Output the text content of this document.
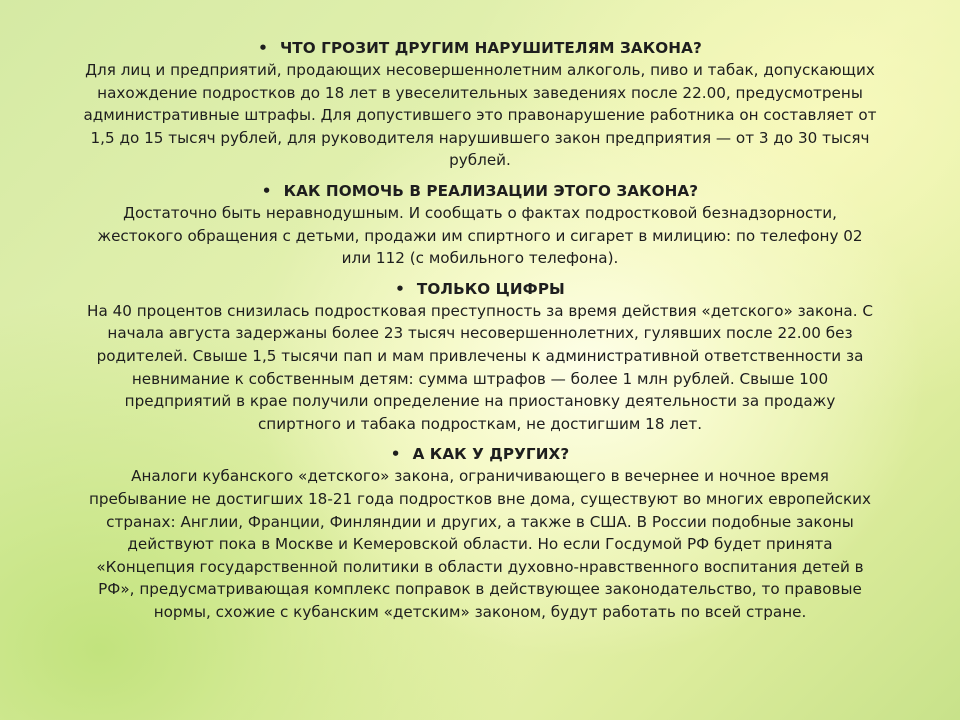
• ЧТО ГРОЗИТ ДРУГИМ НАРУШИТЕЛЯМ ЗАКОНА?
Для лиц и предприятий, продающих несовершеннолетним алкоголь, пиво и табак, допускающих
нахождение подростков до 18 лет в увеселительных заведениях после 22.00, предусмотрены
административные штрафы. Для допустившего это правонарушение работника он составляет от
1,5 до 15 тысяч рублей, для руководителя нарушившего закон предприятия — от 3 до 30 тысяч
рублей.
• КАК ПОМОЧЬ В РЕАЛИЗАЦИИ ЭТОГО ЗАКОНА?
Достаточно быть неравнодушным. И сообщать о фактах подростковой безнадзорности,
жестокого обращения с детьми, продажи им спиртного и сигарет в милицию: по телефону 02
или 112 (с мобильного телефона).
• ТОЛЬКО ЦИФРЫ
На 40 процентов снизилась подростковая преступность за время действия «детского» закона. С
начала августа задержаны более 23 тысяч несовершеннолетних, гулявших после 22.00 без
родителей. Свыше 1,5 тысячи пап и мам привлечены к административной ответственности за
невнимание к собственным детям: сумма штрафов — более 1 млн рублей. Свыше 100
предприятий в крае получили определение на приостановку деятельности за продажу
спиртного и табака подросткам, не достигшим 18 лет.
• А КАК У ДРУГИХ?
Аналоги кубанского «детского» закона, ограничивающего в вечернее и ночное время
пребывание не достигших 18-21 года подростков вне дома, существуют во многих европейских
странах: Англии, Франции, Финляндии и других, а также в США. В России подобные законы
действуют пока в Москве и Кемеровской области. Но если Госдумой РФ будет принята
«Концепция государственной политики в области духовно-нравственного воспитания детей в
РФ», предусматривающая комплекс поправок в действующее законодательство, то правовые
нормы, схожие с кубанским «детским» законом, будут работать по всей стране.
